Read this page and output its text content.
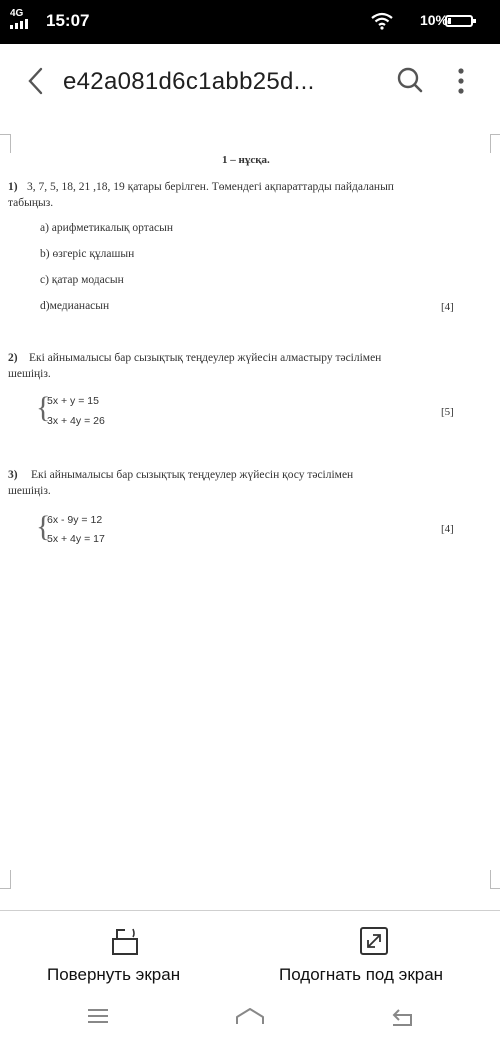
4G	15:07	10%
e42a081d6c1abb25d...
1 – нұсқа.
1) 3, 7, 5, 18, 21 ,18, 19 қатары берілген. Төмендегі ақпараттарды пайдаланып
табыңыз.
a) арифметикалық ортасын
b) өзгеріс құлашын
c) қатар модасын
d)медианасын	[4]
2) Екі айнымалысы бар сызықтық теңдеулер жүйесін алмастыру тәсілімен
шешіңіз.
{
5x + y = 15
3x + 4y = 26
[5]
3) Екі айнымалысы бар сызықтық теңдеулер жүйесін қосу тәсілімен
шешіңіз.
{
6x - 9y = 12
5x + 4y = 17
[4]
Повернуть экран	Подогнать под экран
